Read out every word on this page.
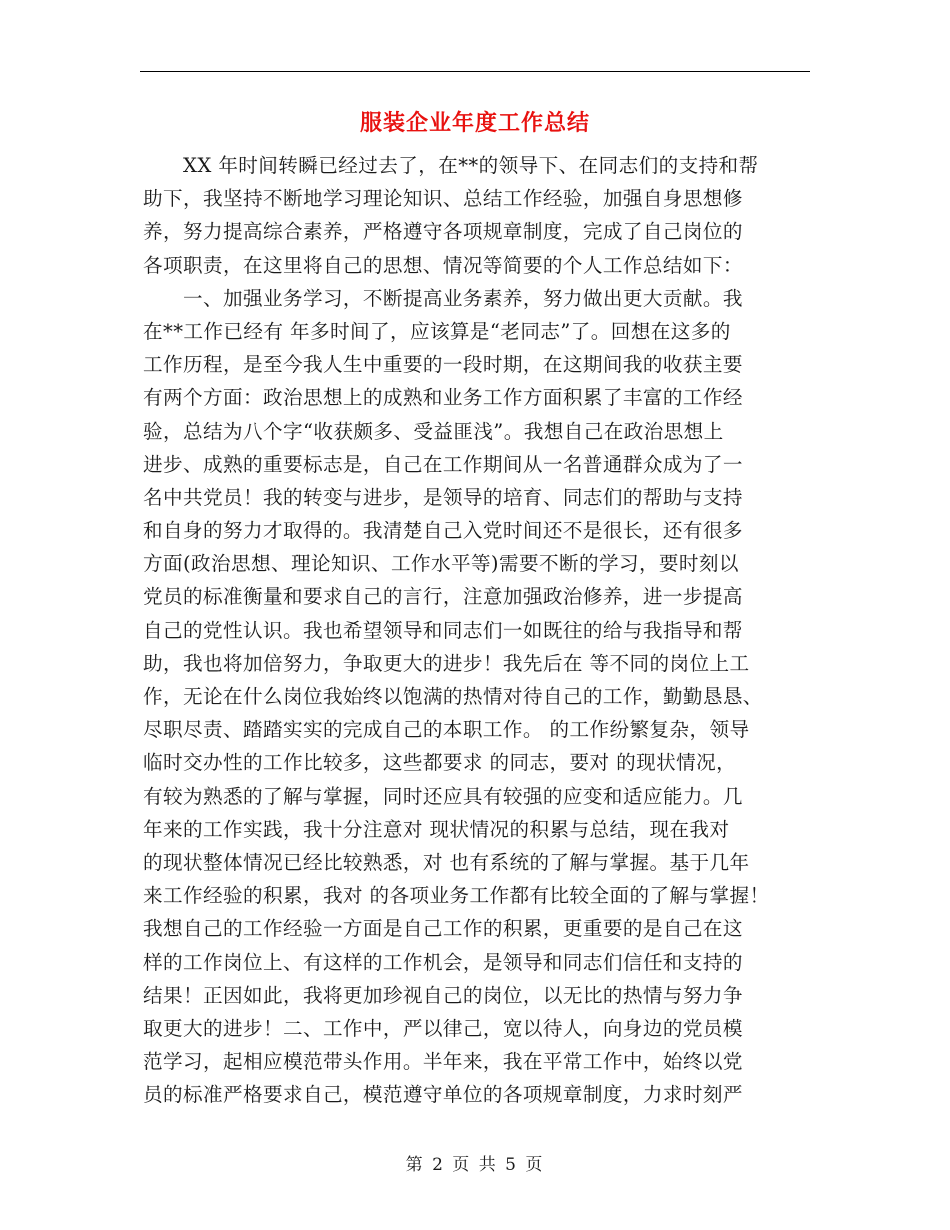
服装企业年度工作总结
　　XX 年时间转瞬已经过去了，在**的领导下、在同志们的支持和帮
助下，我坚持不断地学习理论知识、总结工作经验，加强自身思想修
养，努力提高综合素养，严格遵守各项规章制度，完成了自己岗位的
各项职责，在这里将自己的思想、情况等简要的个人工作总结如下：
　　一、加强业务学习，不断提高业务素养，努力做出更大贡献。我
在**工作已经有 年多时间了，应该算是“老同志”了。回想在这多的
工作历程，是至今我人生中重要的一段时期，在这期间我的收获主要
有两个方面：政治思想上的成熟和业务工作方面积累了丰富的工作经
验，总结为八个字“收获颇多、受益匪浅”。我想自己在政治思想上
进步、成熟的重要标志是，自己在工作期间从一名普通群众成为了一
名中共党员！我的转变与进步，是领导的培育、同志们的帮助与支持
和自身的努力才取得的。我清楚自己入党时间还不是很长，还有很多
方面(政治思想、理论知识、工作水平等)需要不断的学习，要时刻以
党员的标准衡量和要求自己的言行，注意加强政治修养，进一步提高
自己的党性认识。我也希望领导和同志们一如既往的给与我指导和帮
助，我也将加倍努力，争取更大的进步！我先后在 等不同的岗位上工
作，无论在什么岗位我始终以饱满的热情对待自己的工作，勤勤恳恳、
尽职尽责、踏踏实实的完成自己的本职工作。 的工作纷繁复杂，领导
临时交办性的工作比较多，这些都要求 的同志，要对 的现状情况，
有较为熟悉的了解与掌握，同时还应具有较强的应变和适应能力。几
年来的工作实践，我十分注意对 现状情况的积累与总结，现在我对
的现状整体情况已经比较熟悉，对 也有系统的了解与掌握。基于几年
来工作经验的积累，我对 的各项业务工作都有比较全面的了解与掌握！
我想自己的工作经验一方面是自己工作的积累，更重要的是自己在这
样的工作岗位上、有这样的工作机会，是领导和同志们信任和支持的
结果！正因如此，我将更加珍视自己的岗位，以无比的热情与努力争
取更大的进步！二、工作中，严以律己，宽以待人，向身边的党员模
范学习，起相应模范带头作用。半年来，我在平常工作中，始终以党
员的标准严格要求自己，模范遵守单位的各项规章制度，力求时刻严
第 2 页 共 5 页
